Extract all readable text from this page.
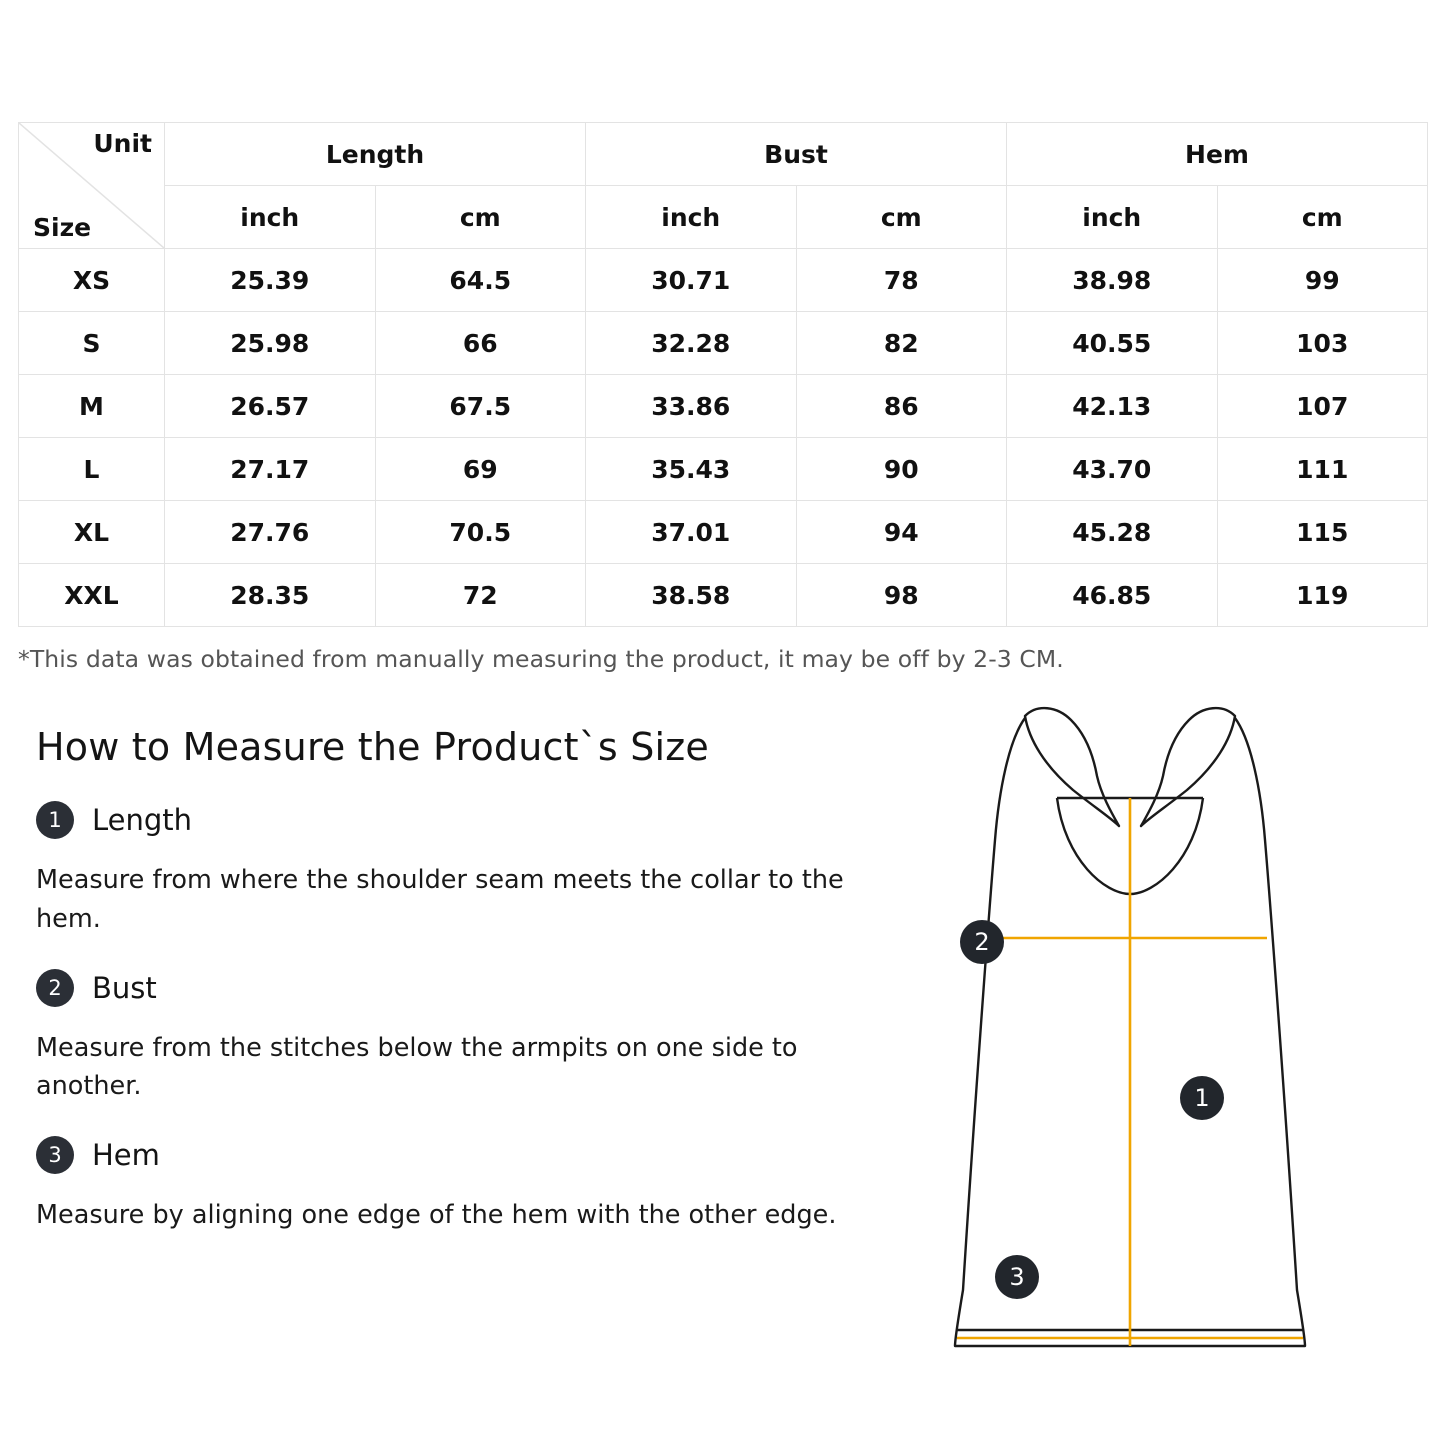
Unit
Size	Length		Bust		Hem	
	inch	cm	inch	cm	inch	cm
XS	25.39	64.5	30.71	78	38.98	99
S	25.98	66	32.28	82	40.55	103
M	26.57	67.5	33.86	86	42.13	107
L	27.17	69	35.43	90	43.70	111
XL	27.76	70.5	37.01	94	45.28	115
XXL	28.35	72	38.58	98	46.85	119
*This data was obtained from manually measuring the product, it may be off by 2-3 CM.
How to Measure the Product`s Size
1	Length
Measure from where the shoulder seam meets the collar to the hem.
2	Bust
Measure from the stitches below the armpits on one side to another.
3	Hem
Measure by aligning one edge of the hem with the other edge.
1
2
3
